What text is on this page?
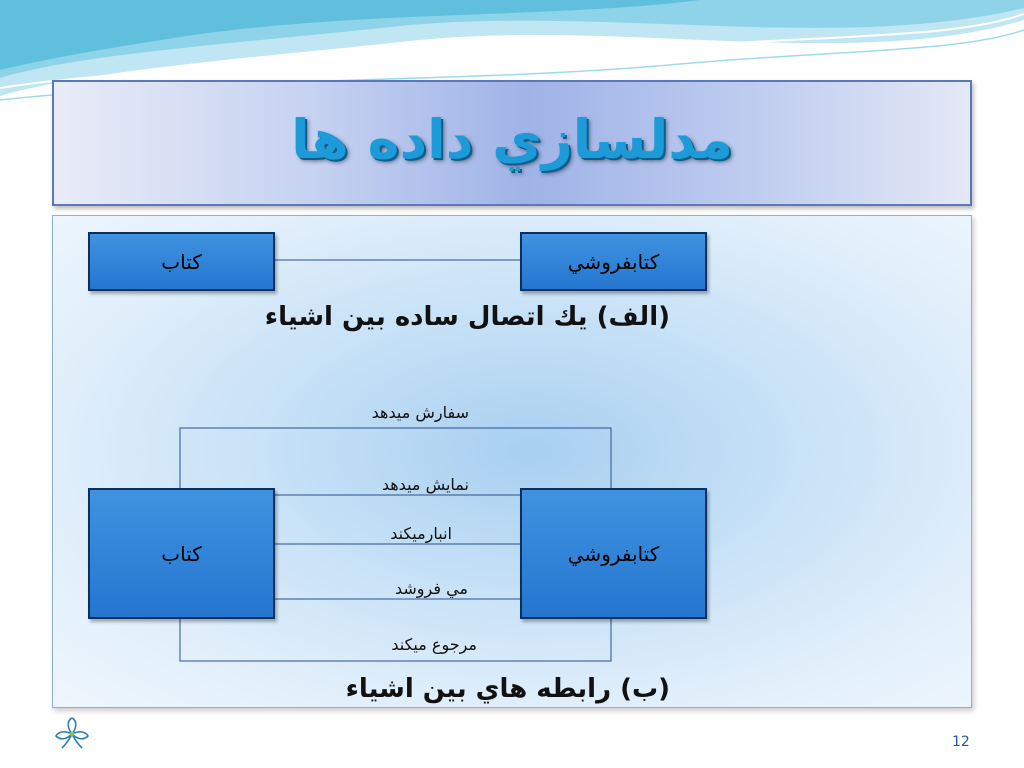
مدلسازي داده ها
كتاب	كتابفروشي
(الف) يك اتصال ساده بين اشياء
سفارش ميدهد
نمايش ميدهد
انبارميكند
مي فروشد
مرجوع ميكند
كتاب	كتابفروشي
(ب) رابطه هاي بين اشياء
12
